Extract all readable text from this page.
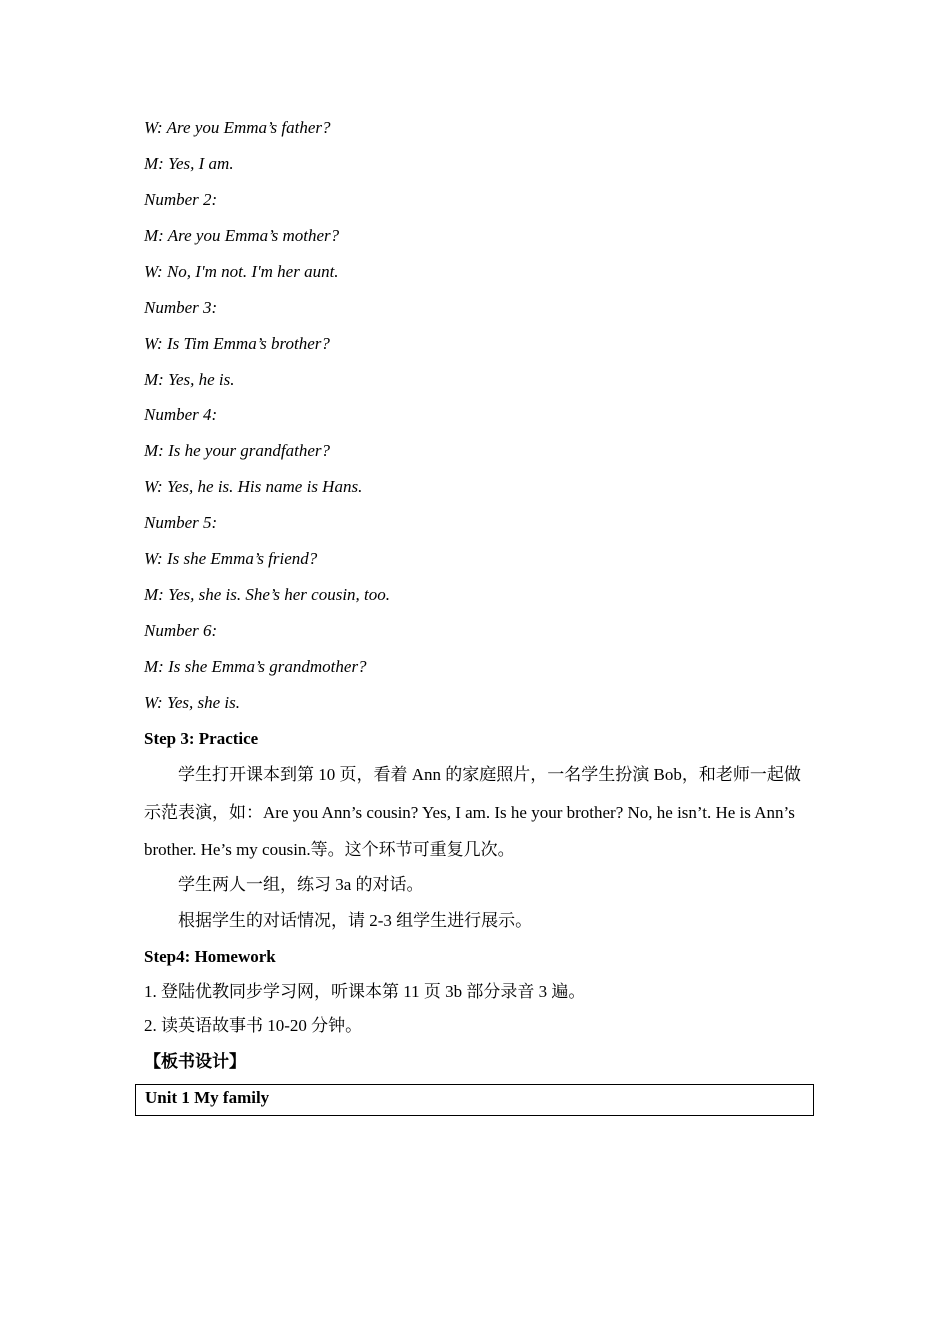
W: Are you Emma’s father?
M: Yes, I am.
Number 2:
M: Are you Emma’s mother?
W: No, I'm not. I'm her aunt.
Number 3:
W: Is Tim Emma’s brother?
M: Yes, he is.
Number 4:
M: Is he your grandfather?
W: Yes, he is. His name is Hans.
Number 5:
W: Is she Emma’s friend?
M: Yes, she is. She’s her cousin, too.
Number 6:
M: Is she Emma’s grandmother?
W: Yes, she is.
Step 3: Practice
学生打开课本到第 10 页，看着 Ann 的家庭照片，一名学生扮演 Bob，和老师一起做示范表演，如：Are you Ann’s cousin? Yes, I am. Is he your brother? No, he isn’t. He is Ann’s brother. He’s my cousin.等。这个环节可重复几次。
学生两人一组，练习 3a 的对话。
根据学生的对话情况，请 2-3 组学生进行展示。
Step4: Homework
1. 登陆优教同步学习网，听课本第 11 页 3b 部分录音 3 遍。
2. 读英语故事书 10-20 分钟。
【板书设计】
Unit 1 My family
